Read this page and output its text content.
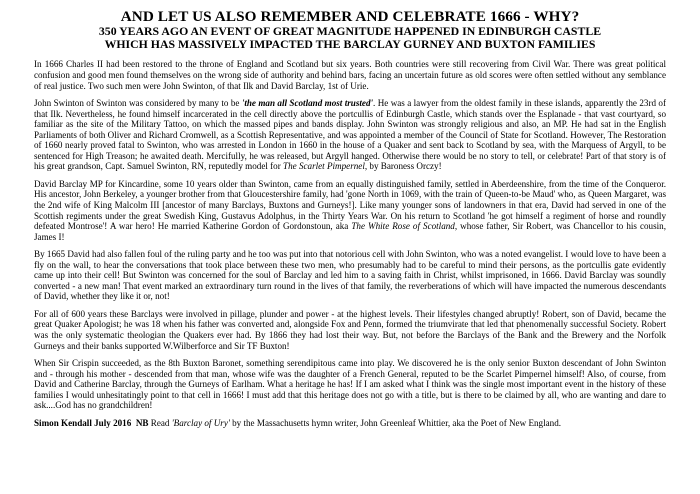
AND LET US ALSO REMEMBER AND CELEBRATE 1666 - WHY?

350 YEARS AGO AN EVENT OF GREAT MAGNITUDE HAPPENED IN EDINBURGH CASTLE

WHICH HAS MASSIVELY IMPACTED THE BARCLAY GURNEY AND BUXTON FAMILIES

In 1666 Charles II had been restored to the throne of England and Scotland but six years. Both countries were still recovering from Civil War. There was great political confusion and good men found themselves on the wrong side of authority and behind bars, facing an uncertain future as old scores were often settled without any semblance of real justice. Two such men were John Swinton, of that Ilk and David Barclay, 1st of Urie.

John Swinton of Swinton was considered by many to be 'the man all Scotland most trusted'. He was a lawyer from the oldest family in these islands, apparently the 23rd of that Ilk. Nevertheless, he found himself incarcerated in the cell directly above the portcullis of Edinburgh Castle, which stands over the Esplanade - that vast courtyard, so familiar as the site of the Military Tattoo, on which the massed pipes and bands display. John Swinton was strongly religious and also, an MP. He had sat in the English Parliaments of both Oliver and Richard Cromwell, as a Scottish Representative, and was appointed a member of the Council of State for Scotland. However, The Restoration of 1660 nearly proved fatal to Swinton, who was arrested in London in 1660 in the house of a Quaker and sent back to Scotland by sea, with the Marquess of Argyll, to be sentenced for High Treason; he awaited death. Mercifully, he was released, but Argyll hanged. Otherwise there would be no story to tell, or celebrate! Part of that story is of his great grandson, Capt. Samuel Swinton, RN, reputedly model for The Scarlet Pimpernel, by Baroness Orczy!

David Barclay MP for Kincardine, some 10 years older than Swinton, came from an equally distinguished family, settled in Aberdeenshire, from the time of the Conqueror. His ancestor, John Berkeley, a younger brother from that Gloucestershire family, had 'gone North in 1069, with the train of Queen-to-be Maud' who, as Queen Margaret, was the 2nd wife of King Malcolm III [ancestor of many Barclays, Buxtons and Gurneys!]. Like many younger sons of landowners in that era, David had served in one of the Scottish regiments under the great Swedish King, Gustavus Adolphus, in the Thirty Years War. On his return to Scotland 'he got himself a regiment of horse and roundly defeated Montrose'! A war hero! He married Katherine Gordon of Gordonstoun, aka The White Rose of Scotland, whose father, Sir Robert, was Chancellor to his cousin, James I!

By 1665 David had also fallen foul of the ruling party and he too was put into that notorious cell with John Swinton, who was a noted evangelist. I would love to have been a fly on the wall, to hear the conversations that took place between these two men, who presumably had to be careful to mind their persons, as the portcullis gate evidently came up into their cell! But Swinton was concerned for the soul of Barclay and led him to a saving faith in Christ, whilst imprisoned, in 1666. David Barclay was soundly converted - a new man! That event marked an extraordinary turn round in the lives of that family, the reverberations of which will have impacted the numerous descendants of David, whether they like it or, not!

For all of 600 years these Barclays were involved in pillage, plunder and power - at the highest levels. Their lifestyles changed abruptly! Robert, son of David, became the great Quaker Apologist; he was 18 when his father was converted and, alongside Fox and Penn, formed the triumvirate that led that phenomenally successful Society. Robert was the only systematic theologian the Quakers ever had. By 1866 they had lost their way. But, not before the Barclays of the Bank and the Brewery and the Norfolk Gurneys and their banks supported W.Wilberforce and Sir TF Buxton!

When Sir Crispin succeeded, as the 8th Buxton Baronet, something serendipitous came into play. We discovered he is the only senior Buxton descendant of John Swinton and - through his mother - descended from that man, whose wife was the daughter of a French General, reputed to be the Scarlet Pimpernel himself! Also, of course, from David and Catherine Barclay, through the Gurneys of Earlham. What a heritage he has! If I am asked what I think was the single most important event in the history of these families I would unhesitatingly point to that cell in 1666! I must add that this heritage does not go with a title, but is there to be claimed by all, who are wanting and dare to ask....God has no grandchildren!

Simon Kendall July 2016 NB Read 'Barclay of Ury' by the Massachusetts hymn writer, John Greenleaf Whittier, aka the Poet of New England.
